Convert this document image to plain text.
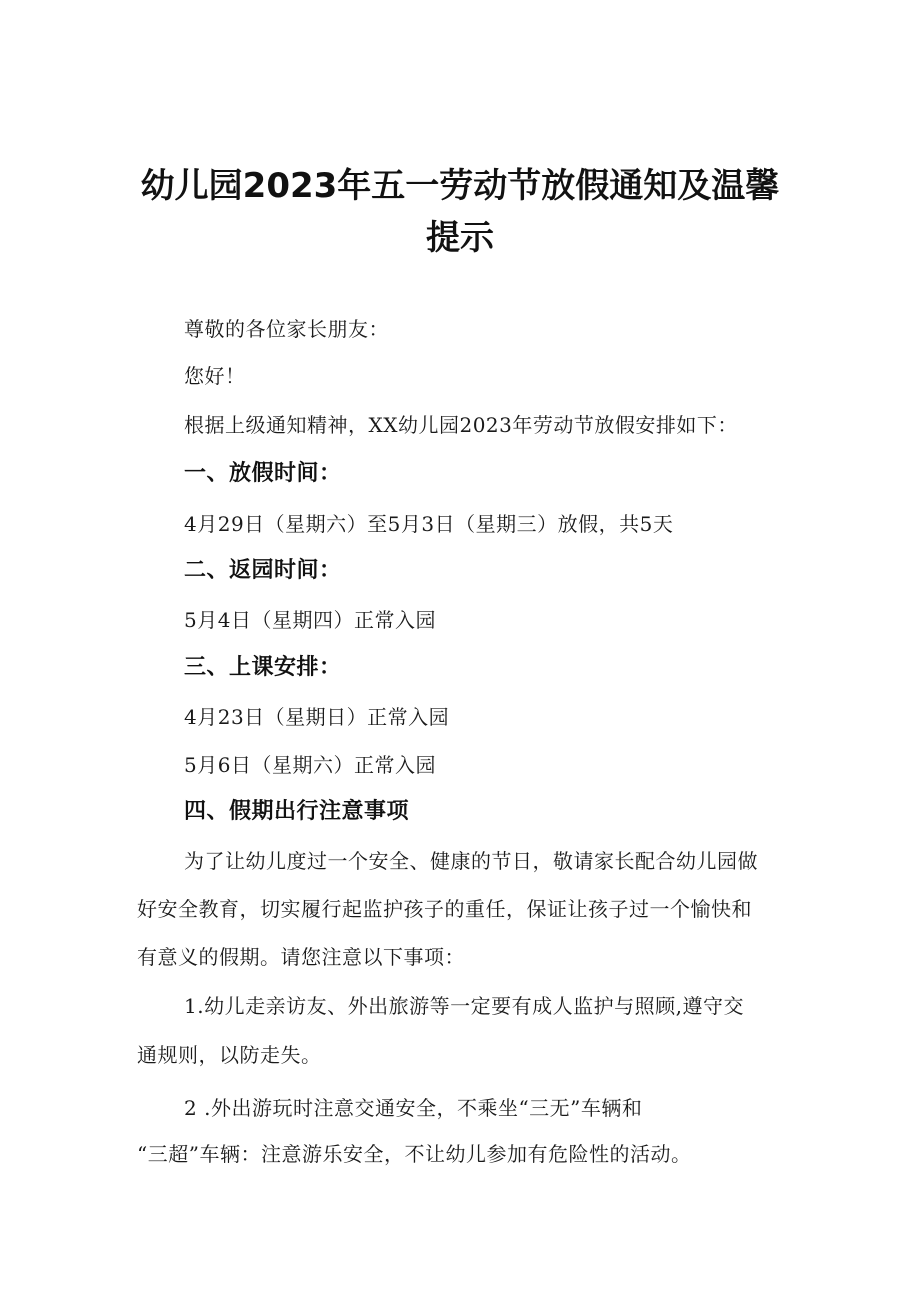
幼儿园2023年五一劳动节放假通知及温馨
提示
尊敬的各位家长朋友：
您好！
根据上级通知精神，XX幼儿园2023年劳动节放假安排如下：
一、放假时间：
4月29日（星期六）至5月3日（星期三）放假，共5天
二、返园时间：
5月4日（星期四）正常入园
三、上课安排：
4月23日（星期日）正常入园
5月6日（星期六）正常入园
四、假期出行注意事项
为了让幼儿度过一个安全、健康的节日，敬请家长配合幼儿园做
好安全教育，切实履行起监护孩子的重任，保证让孩子过一个愉快和
有意义的假期。请您注意以下事项：
1.幼儿走亲访友、外出旅游等一定要有成人监护与照顾,遵守交
通规则，以防走失。
2 .外出游玩时注意交通安全，不乘坐“三无”车辆和
“三超”车辆：注意游乐安全，不让幼儿参加有危险性的活动。
